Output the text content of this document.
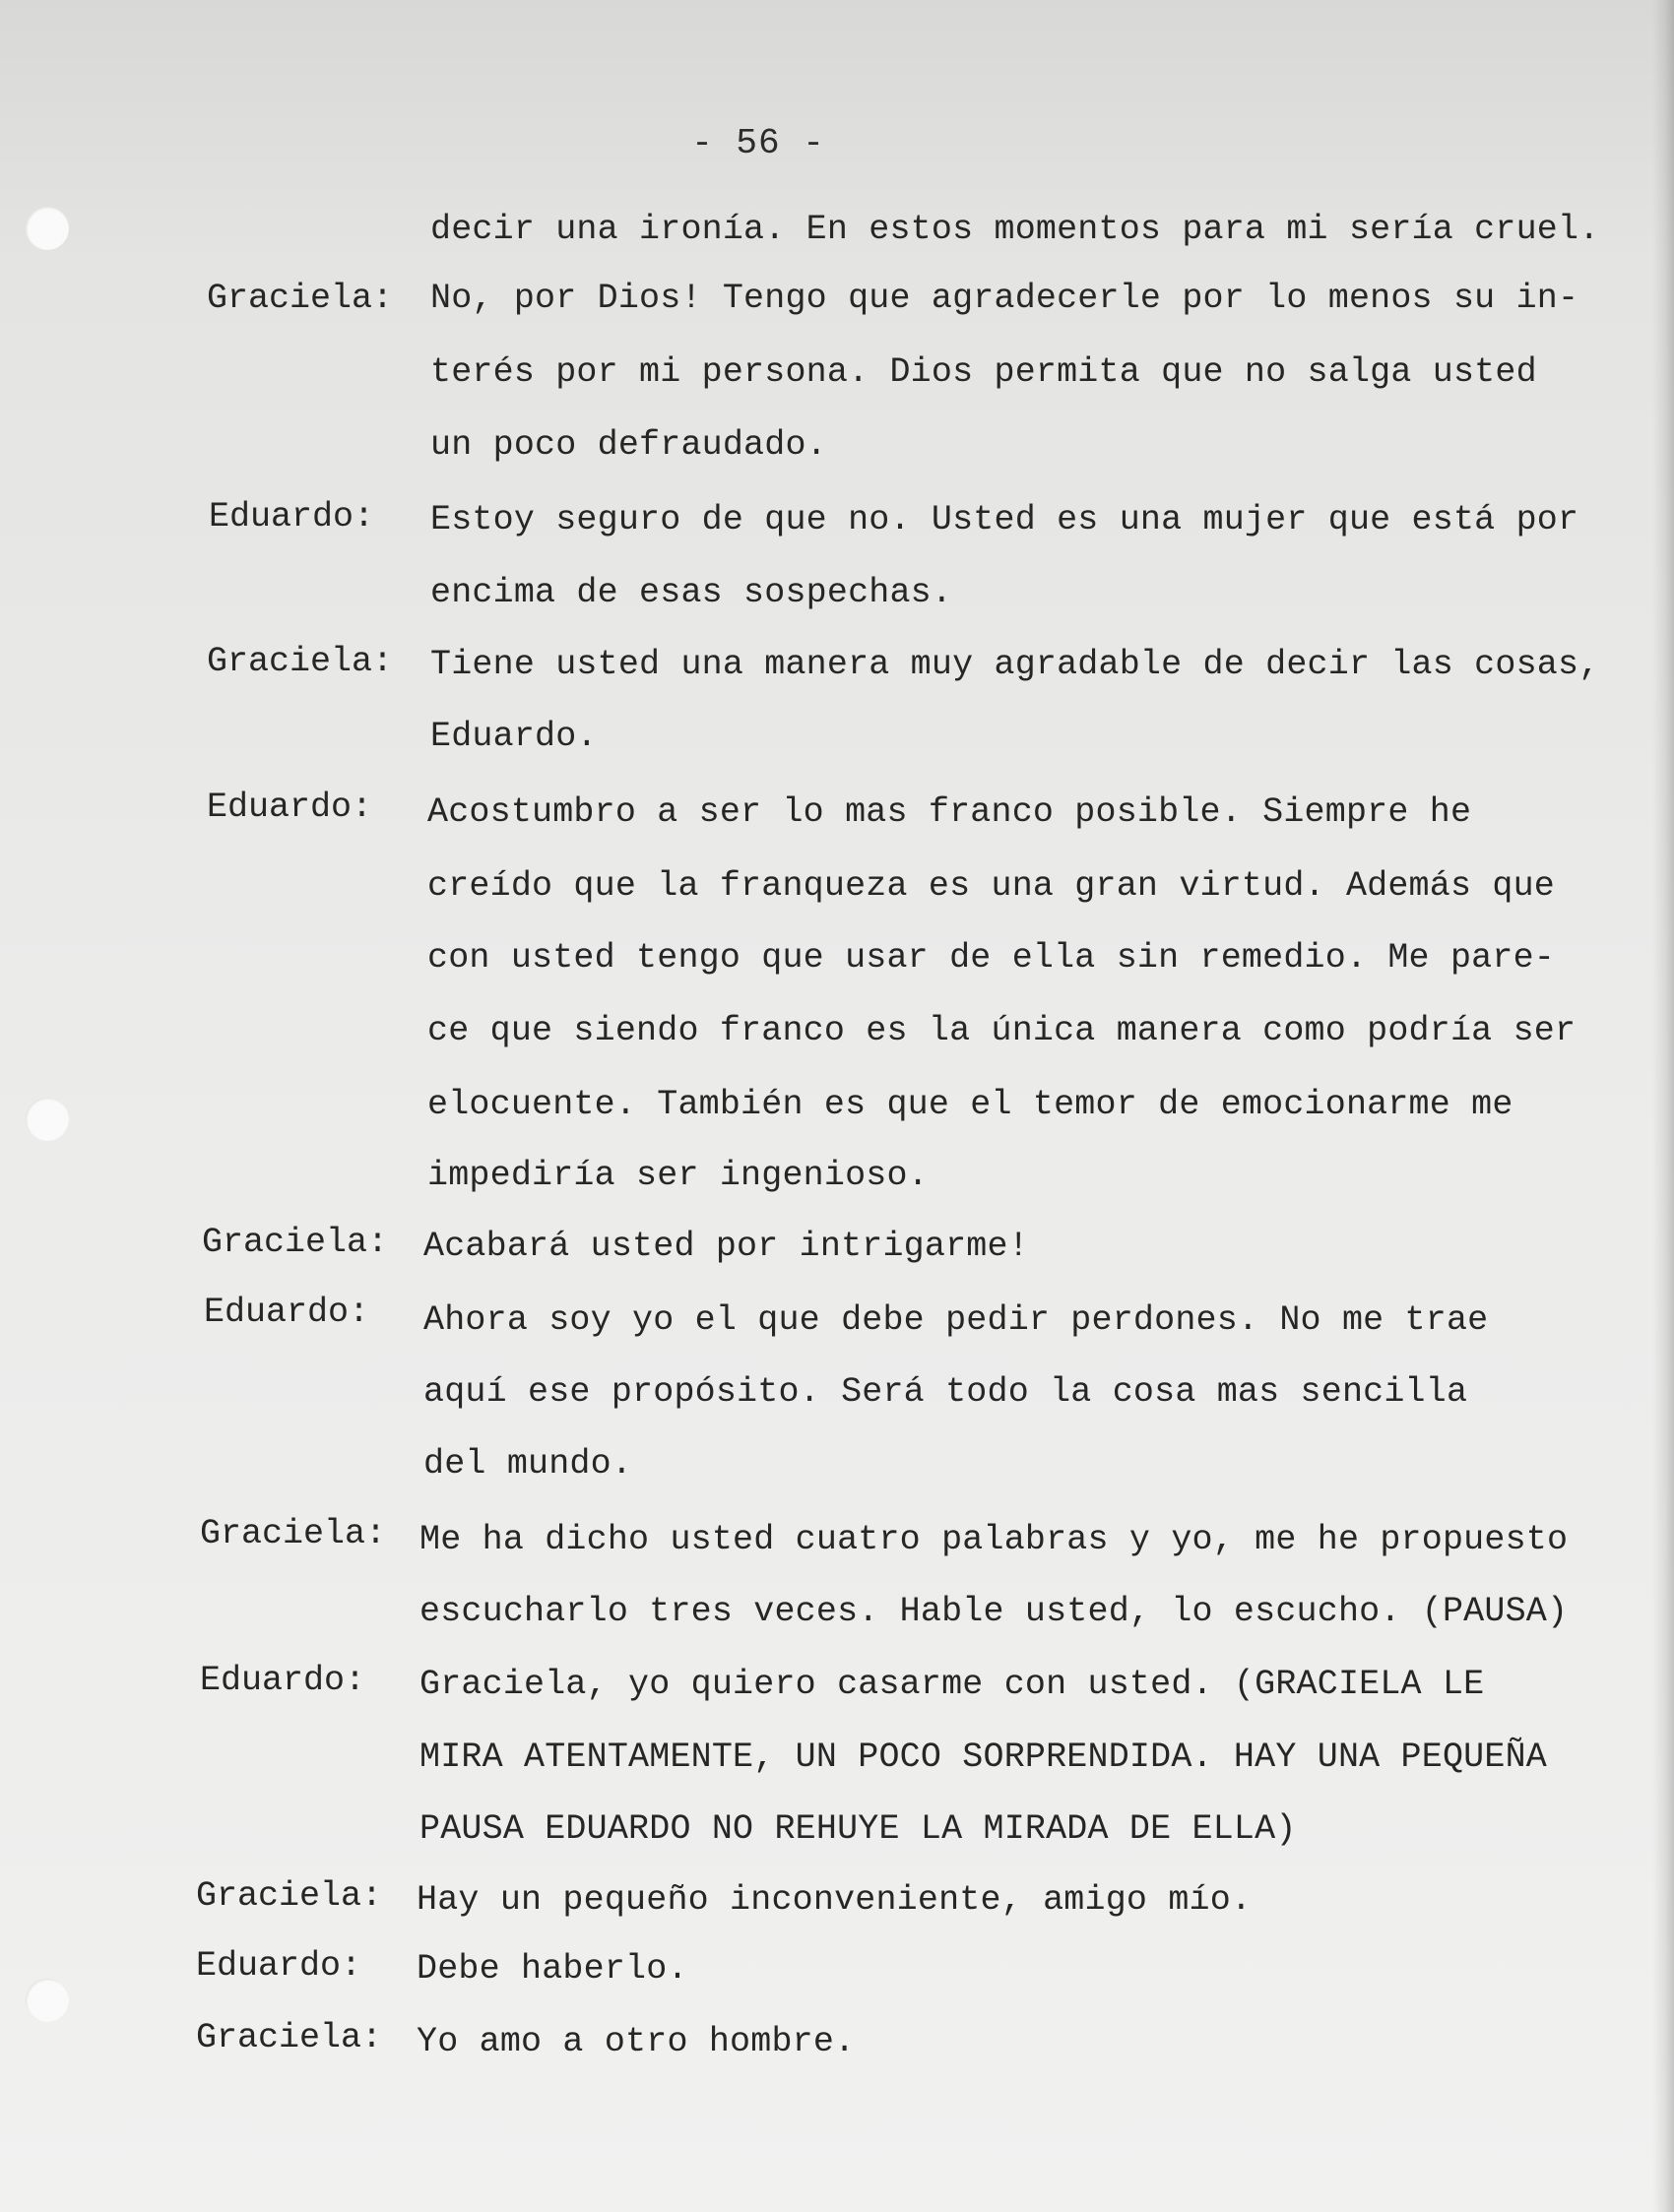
- 56 -
decir una ironía. En estos momentos para mi sería cruel.
Graciela: No, por Dios! Tengo que agradecerle por lo menos su in-
terés por mi persona. Dios permita que no salga usted
un poco defraudado.
Eduardo: Estoy seguro de que no. Usted es una mujer que está por
encima de esas sospechas.
Graciela: Tiene usted una manera muy agradable de decir las cosas,
Eduardo.
Eduardo: Acostumbro a ser lo mas franco posible. Siempre he
creído que la franqueza es una gran virtud. Además que
con usted tengo que usar de ella sin remedio. Me pare-
ce que siendo franco es la única manera como podría ser
elocuente. También es que el temor de emocionarme me
impediría ser ingenioso.
Graciela: Acabará usted por intrigarme!
Eduardo: Ahora soy yo el que debe pedir perdones. No me trae
aquí ese propósito. Será todo la cosa mas sencilla
del mundo.
Graciela: Me ha dicho usted cuatro palabras y yo, me he propuesto
escucharlo tres veces. Hable usted, lo escucho. (PAUSA)
Eduardo: Graciela, yo quiero casarme con usted. (GRACIELA LE
MIRA ATENTAMENTE, UN POCO SORPRENDIDA. HAY UNA PEQUEÑA
PAUSA EDUARDO NO REHUYE LA MIRADA DE ELLA)
Graciela: Hay un pequeño inconveniente, amigo mío.
Eduardo: Debe haberlo.
Graciela: Yo amo a otro hombre.
